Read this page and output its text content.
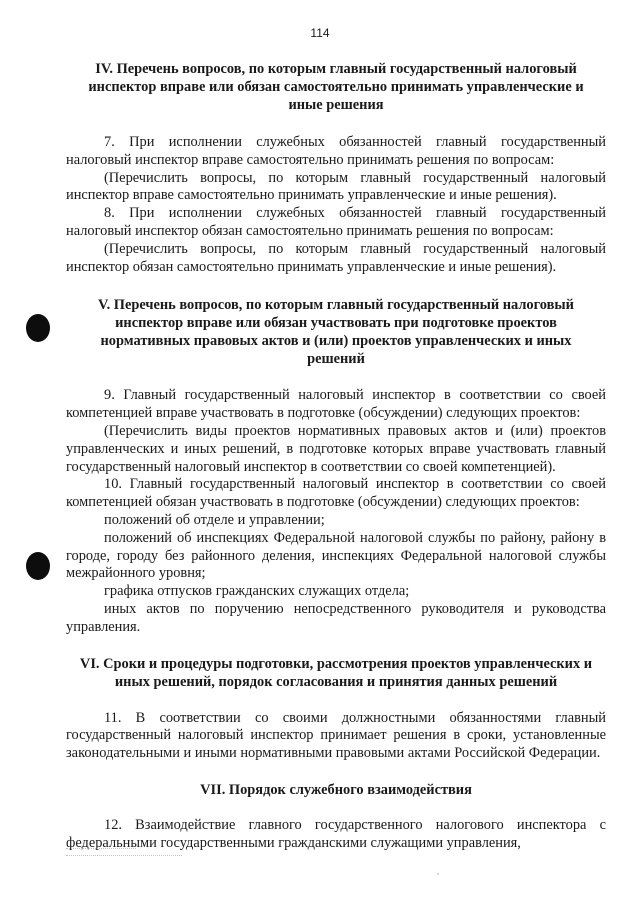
114
IV. Перечень вопросов, по которым главный государственный налоговый инспектор вправе или обязан самостоятельно принимать управленческие и иные решения

7. При исполнении служебных обязанностей главный государственный налоговый инспектор вправе самостоятельно принимать решения по вопросам:

(Перечислить вопросы, по которым главный государственный налоговый инспектор вправе самостоятельно принимать управленческие и иные решения).

8. При исполнении служебных обязанностей главный государственный налоговый инспектор обязан самостоятельно принимать решения по вопросам:

(Перечислить вопросы, по которым главный государственный налоговый инспектор обязан самостоятельно принимать управленческие и иные решения).

V. Перечень вопросов, по которым главный государственный налоговый инспектор вправе или обязан участвовать при подготовке проектов нормативных правовых актов и (или) проектов управленческих и иных решений

9. Главный государственный налоговый инспектор в соответствии со своей компетенцией вправе участвовать в подготовке (обсуждении) следующих проектов:

(Перечислить виды проектов нормативных правовых актов и (или) проектов управленческих и иных решений, в подготовке которых вправе участвовать главный государственный налоговый инспектор в соответствии со своей компетенцией).

10. Главный государственный налоговый инспектор в соответствии со своей компетенцией обязан участвовать в подготовке (обсуждении) следующих проектов:

положений об отделе и управлении;

положений об инспекциях Федеральной налоговой службы по району, району в городе, городу без районного деления, инспекциях Федеральной налоговой службы межрайонного уровня;

графика отпусков гражданских служащих отдела;

иных актов по поручению непосредственного руководителя и руководства управления.

VI. Сроки и процедуры подготовки, рассмотрения проектов управленческих и иных решений, порядок согласования и принятия данных решений

11. В соответствии со своими должностными обязанностями главный государственный налоговый инспектор принимает решения в сроки, установленные законодательными и иными нормативными правовыми актами Российской Федерации.

VII. Порядок служебного взаимодействия

12. Взаимодействие главного государственного налогового инспектора с федеральными государственными гражданскими служащими управления,
